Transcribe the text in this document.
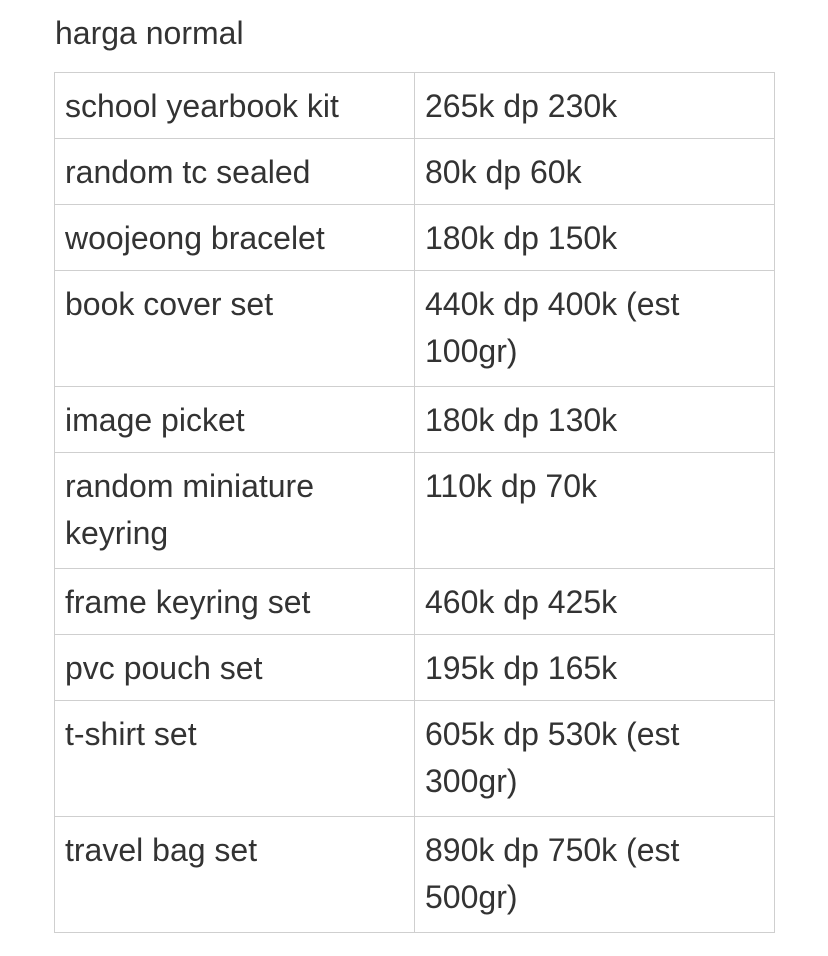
harga normal
school yearbook kit	265k dp 230k
random tc sealed	80k dp 60k
woojeong bracelet	180k dp 150k
book cover set	440k dp 400k (est 100gr)
image picket	180k dp 130k
random miniature keyring	110k dp 70k
frame keyring set	460k dp 425k
pvc pouch set	195k dp 165k
t-shirt set	605k dp 530k (est 300gr)
travel bag set	890k dp 750k (est 500gr)
